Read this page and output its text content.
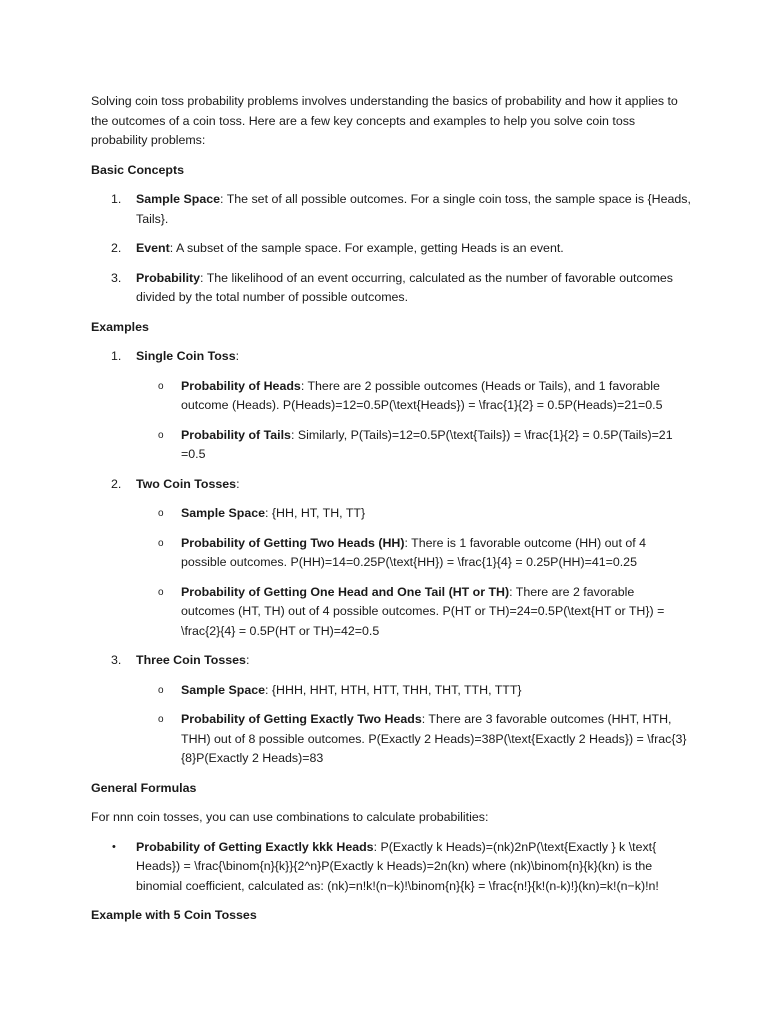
Solving coin toss probability problems involves understanding the basics of probability and how it applies to the outcomes of a coin toss. Here are a few key concepts and examples to help you solve coin toss probability problems:

Basic Concepts

1. Sample Space: The set of all possible outcomes. For a single coin toss, the sample space is {Heads, Tails}.
2. Event: A subset of the sample space. For example, getting Heads is an event.
3. Probability: The likelihood of an event occurring, calculated as the number of favorable outcomes divided by the total number of possible outcomes.

Examples

1. Single Coin Toss:
o Probability of Heads: There are 2 possible outcomes (Heads or Tails), and 1 favorable outcome (Heads). P(Heads)=12=0.5P(\text{Heads}) = \frac{1}{2} = 0.5P(Heads)=21=0.5
o Probability of Tails: Similarly, P(Tails)=12=0.5P(\text{Tails}) = \frac{1}{2} = 0.5P(Tails)=21 =0.5
2. Two Coin Tosses:
o Sample Space: {HH, HT, TH, TT}
o Probability of Getting Two Heads (HH): There is 1 favorable outcome (HH) out of 4 possible outcomes. P(HH)=14=0.25P(\text{HH}) = \frac{1}{4} = 0.25P(HH)=41=0.25
o Probability of Getting One Head and One Tail (HT or TH): There are 2 favorable outcomes (HT, TH) out of 4 possible outcomes. P(HT or TH)=24=0.5P(\text{HT or TH}) = \frac{2}{4} = 0.5P(HT or TH)=42=0.5
3. Three Coin Tosses:
o Sample Space: {HHH, HHT, HTH, HTT, THH, THT, TTH, TTT}
o Probability of Getting Exactly Two Heads: There are 3 favorable outcomes (HHT, HTH, THH) out of 8 possible outcomes. P(Exactly 2 Heads)=38P(\text{Exactly 2 Heads}) = \frac{3}{8}P(Exactly 2 Heads)=83

General Formulas

For nnn coin tosses, you can use combinations to calculate probabilities:

• Probability of Getting Exactly kkk Heads: P(Exactly k Heads)=(nk)2nP(\text{Exactly } k \text{ Heads}) = \frac{\binom{n}{k}}{2^n}P(Exactly k Heads)=2n(kn) where (nk)\binom{n}{k}(kn) is the binomial coefficient, calculated as: (nk)=n!k!(n−k)!\binom{n}{k} = \frac{n!}{k!(n-k)!}(kn)=k!(n−k)!n!

Example with 5 Coin Tosses
